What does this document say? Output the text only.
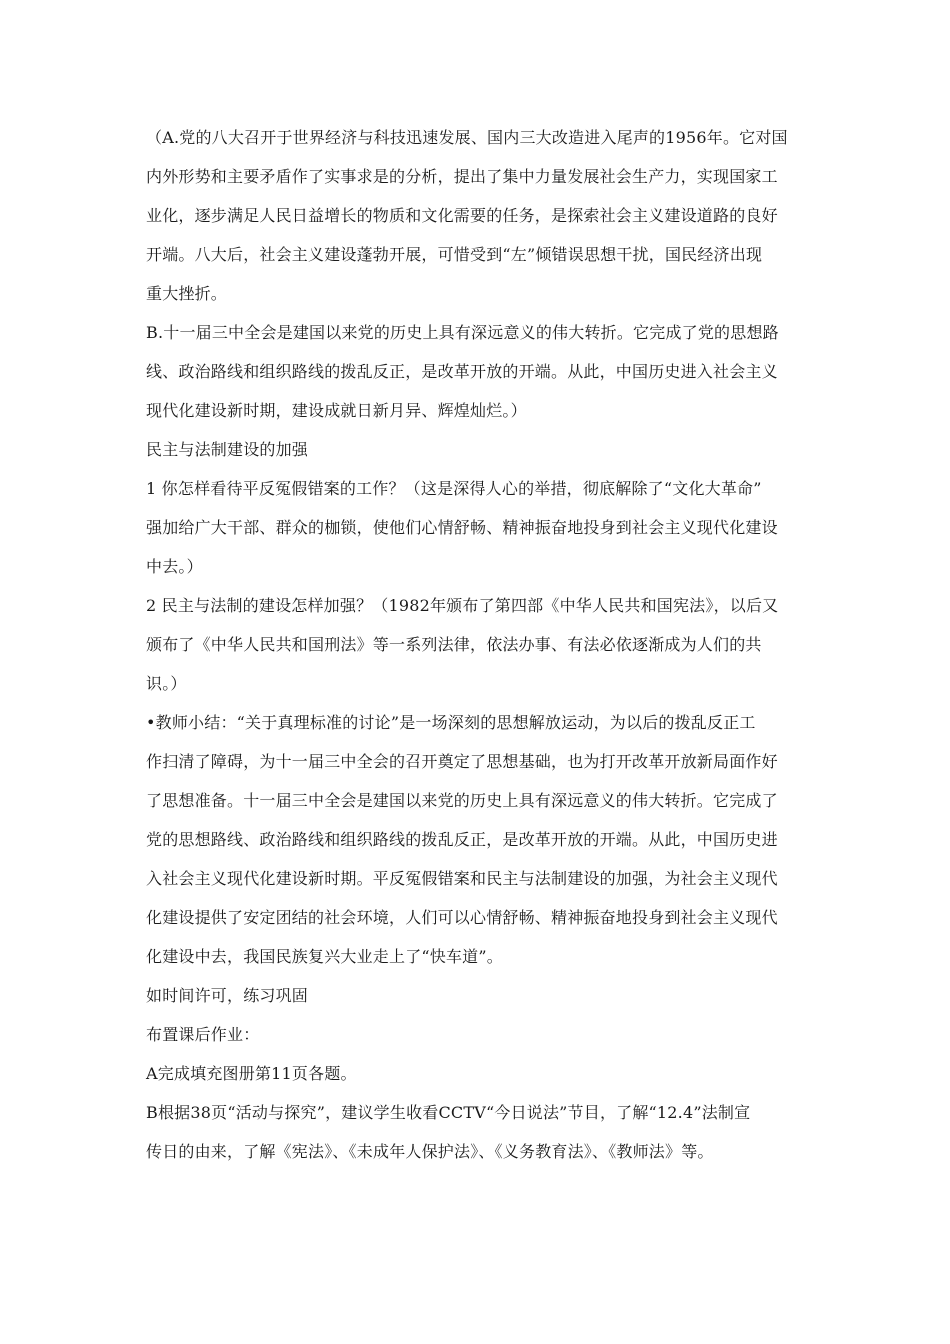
（A.党的八大召开于世界经济与科技迅速发展、国内三大改造进入尾声的1956年。它对国
内外形势和主要矛盾作了实事求是的分析，提出了集中力量发展社会生产力，实现国家工
业化，逐步满足人民日益增长的物质和文化需要的任务，是探索社会主义建设道路的良好
开端。八大后，社会主义建设蓬勃开展，可惜受到“左”倾错误思想干扰，国民经济出现
重大挫折。
B.十一届三中全会是建国以来党的历史上具有深远意义的伟大转折。它完成了党的思想路
线、政治路线和组织路线的拨乱反正，是改革开放的开端。从此，中国历史进入社会主义
现代化建设新时期，建设成就日新月异、辉煌灿烂。）
民主与法制建设的加强
1 你怎样看待平反冤假错案的工作？（这是深得人心的举措，彻底解除了“文化大革命”
强加给广大干部、群众的枷锁，使他们心情舒畅、精神振奋地投身到社会主义现代化建设
中去。）
2 民主与法制的建设怎样加强？（1982年颁布了第四部《中华人民共和国宪法》，以后又
颁布了《中华人民共和国刑法》等一系列法律，依法办事、有法必依逐渐成为人们的共
识。）
•教师小结：“关于真理标准的讨论”是一场深刻的思想解放运动，为以后的拨乱反正工
作扫清了障碍，为十一届三中全会的召开奠定了思想基础，也为打开改革开放新局面作好
了思想准备。十一届三中全会是建国以来党的历史上具有深远意义的伟大转折。它完成了
党的思想路线、政治路线和组织路线的拨乱反正，是改革开放的开端。从此，中国历史进
入社会主义现代化建设新时期。平反冤假错案和民主与法制建设的加强，为社会主义现代
化建设提供了安定团结的社会环境，人们可以心情舒畅、精神振奋地投身到社会主义现代
化建设中去，我国民族复兴大业走上了“快车道”。
如时间许可，练习巩固
布置课后作业：
A完成填充图册第11页各题。
B根据38页“活动与探究”，建议学生收看CCTV“今日说法”节目，了解“12.4”法制宣
传日的由来，了解《宪法》、《未成年人保护法》、《义务教育法》、《教师法》等。
